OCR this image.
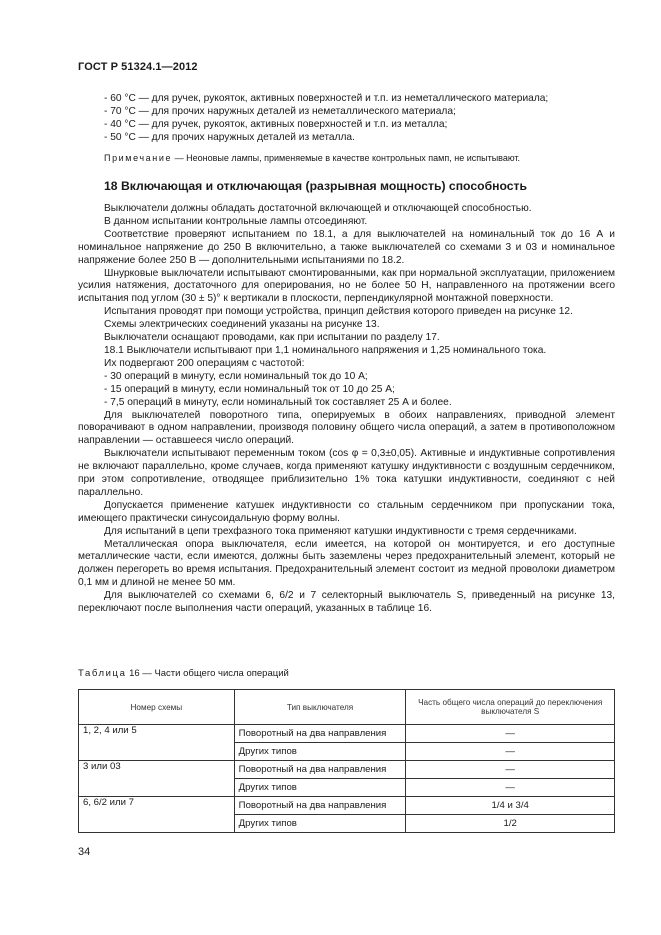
ГОСТ Р 51324.1—2012

- 60 °С — для ручек, рукояток, активных поверхностей и т.п. из неметаллического материала;

- 70 °С — для прочих наружных деталей из неметаллического материала;

- 40 °С — для ручек, рукояток, активных поверхностей и т.п. из металла;

- 50 °С — для прочих наружных деталей из металла.

Примечание — Неоновые лампы, применяемые в качестве контрольных памп, не испытывают.

18 Включающая и отключающая (разрывная мощность) способность

Выключатели должны обладать достаточной включающей и отключающей способностью.

В данном испытании контрольные лампы отсоединяют.

Соответствие проверяют испытанием по 18.1, а для выключателей на номинальный ток до 16 А и номинальное напряжение до 250 В включительно, а также выключателей со схемами 3 и 03 и номинальное напряжение более 250 В — дополнительными испытаниями по 18.2.

Шнурковые выключатели испытывают смонтированными, как при нормальной эксплуатации, приложением усилия натяжения, достаточного для оперирования, но не более 50 Н, направленного на протяжении всего испытания под углом (30 ± 5)° к вертикали в плоскости, перпендикулярной монтажной поверхности.

Испытания проводят при помощи устройства, принцип действия которого приведен на рисунке 12.

Схемы электрических соединений указаны на рисунке 13.

Выключатели оснащают проводами, как при испытании по разделу 17.

18.1 Выключатели испытывают при 1,1 номинального напряжения и 1,25 номинального тока.

Их подвергают 200 операциям с частотой:

- 30 операций в минуту, если номинальный ток до 10 А;

- 15 операций в минуту, если номинальный ток от 10 до 25 А;

- 7,5 операций в минуту, если номинальный ток составляет 25 А и более.

Для выключателей поворотного типа, оперируемых в обоих направлениях, приводной элемент поворачивают в одном направлении, производя половину общего числа операций, а затем в противоположном направлении — оставшееся число операций.

Выключатели испытывают переменным током (cos φ = 0,3±0,05). Активные и индуктивные сопротивления не включают параллельно, кроме случаев, когда применяют катушку индуктивности с воздушным сердечником, при этом сопротивление, отводящее приблизительно 1% тока катушки индуктивности, соединяют с ней параллельно.

Допускается применение катушек индуктивности со стальным сердечником при пропускании тока, имеющего практически синусоидальную форму волны.

Для испытаний в цепи трехфазного тока применяют катушки индуктивности с тремя сердечниками.

Металлическая опора выключателя, если имеется, на которой он монтируется, и его доступные металлические части, если имеются, должны быть заземлены через предохранительный элемент, который не должен перегореть во время испытания. Предохранительный элемент состоит из медной проволоки диаметром 0,1 мм и длиной не менее 50 мм.

Для выключателей со схемами 6, 6/2 и 7 селекторный выключатель S, приведенный на рисунке 13, переключают после выполнения части операций, указанных в таблице 16.

Таблица 16 — Части общего числа операций
Номер схемы	Тип выключателя	Часть общего числа операций до переключения выключателя S
1, 2, 4 или 5	Поворотный на два направления	—
	Других типов	—
3 или 03	Поворотный на два направления	—
	Других типов	—
6, 6/2 или 7	Поворотный на два направления	1/4 и 3/4
	Других типов	1/2
34
